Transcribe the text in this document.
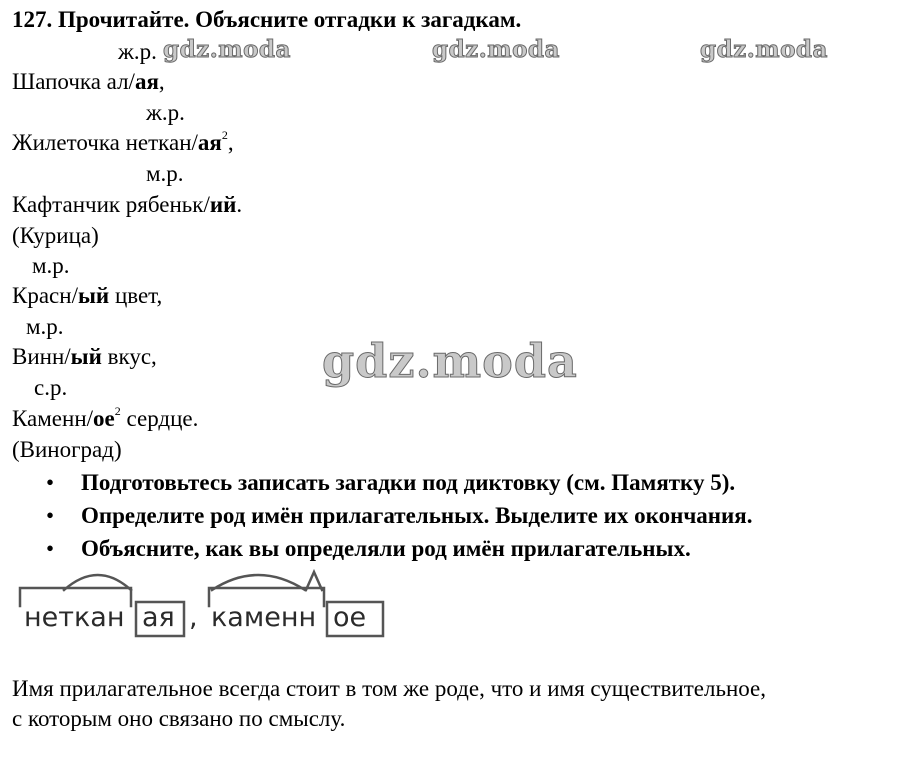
127. Прочитайте. Объясните отгадки к загадкам.
gdz.moda	gdz.moda	gdz.moda
ж.р.
Шапочка ал/ая,
ж.р.
Жилеточка неткан/$ая^2$,
м.р.
Кафтанчик рябеньк/ий.
(Курица)
м.р.
Красн/ый цвет,
м.р.
Винн/ый вкус,
с.р.
Каменн/$ое^2$ сердце.
(Виноград)
gdz.moda
• Подготовьтесь записать загадки под диктовку (см. Памятку 5).
• Определите род имён прилагательных. Выделите их окончания.
• Объясните, как вы определяли род имён прилагательных.
неткан ая , каменн ое
Имя прилагательное всегда стоит в том же роде, что и имя существительное,
с которым оно связано по смыслу.
